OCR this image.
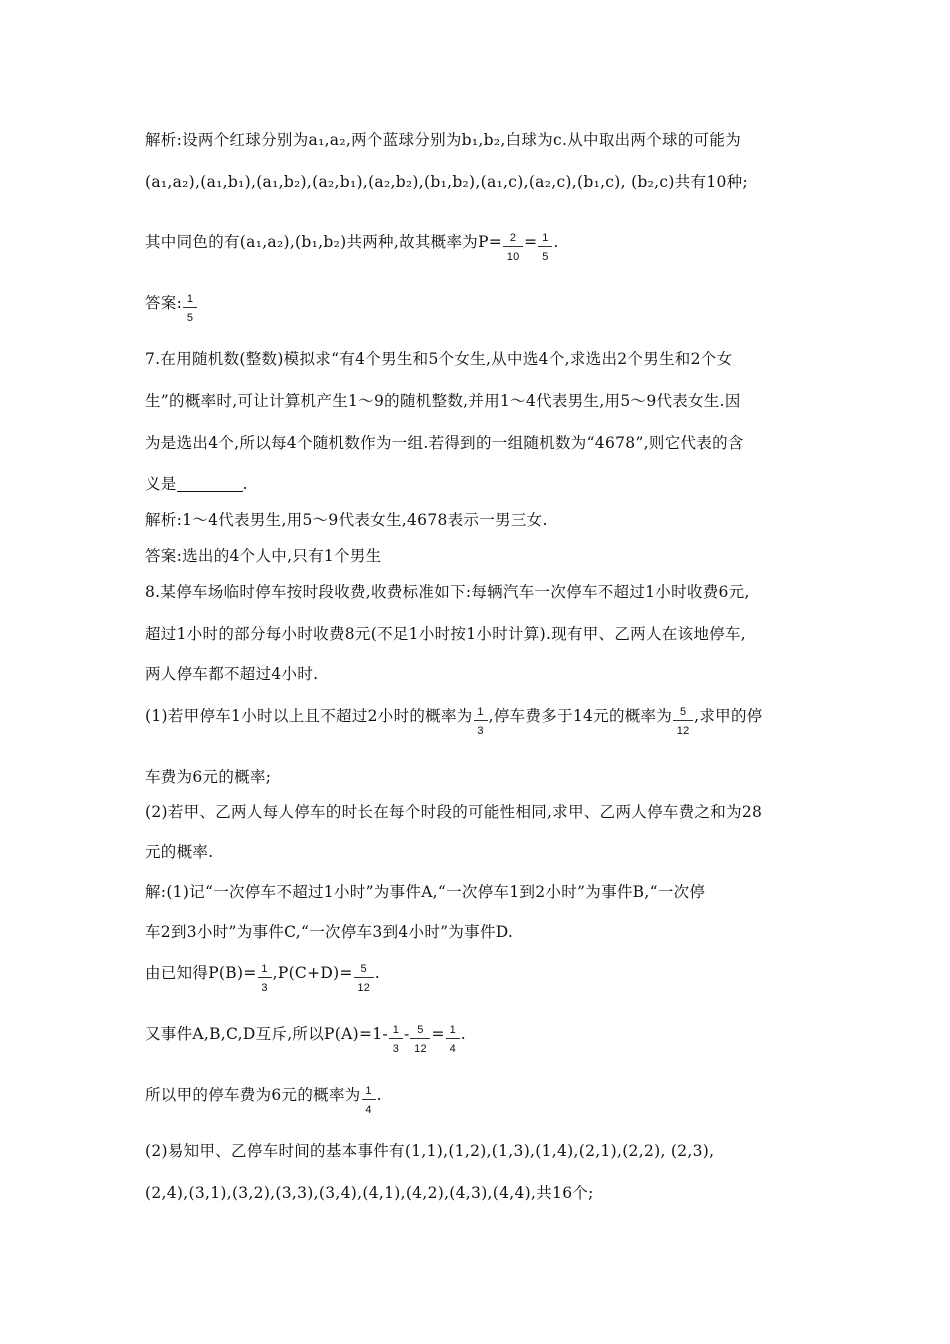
解析:设两个红球分别为a₁,a₂,两个蓝球分别为b₁,b₂,白球为c.从中取出两个球的可能为
(a₁,a₂),(a₁,b₁),(a₁,b₂),(a₂,b₁),(a₂,b₂),(b₁,b₂),(a₁,c),(a₂,c),(b₁,c), (b₂,c)共有10种;
其中同色的有(a₁,a₂),(b₁,b₂)共两种,故其概率为$P= \frac{2}{10} = \frac{1}{5}$ .
答案: $\frac{1}{5}$
7.在用随机数(整数)模拟求“有4个男生和5个女生,从中选4个,求选出2个男生和2个女
生”的概率时,可让计算机产生1～9的随机整数,并用1～4代表男生,用5～9代表女生.因
为是选出4个,所以每4个随机数作为一组.若得到的一组随机数为“4678”,则它代表的含
义是	.
解析:1～4代表男生,用5～9代表女生,4678表示一男三女.
答案:选出的4个人中,只有1个男生
8.某停车场临时停车按时段收费,收费标准如下:每辆汽车一次停车不超过1小时收费6元,
超过1小时的部分每小时收费8元(不足1小时按1小时计算).现有甲、乙两人在该地停车,
两人停车都不超过4小时.
(1)若甲停车1小时以上且不超过2小时的概率为 $\frac{1}{3}$ ,停车费多于14元的概率为 $\frac{5}{12}$ ,求甲的停
车费为6元的概率;
(2)若甲、乙两人每人停车的时长在每个时段的可能性相同,求甲、乙两人停车费之和为28
元的概率.
解:(1)记“一次停车不超过1小时”为事件A,“一次停车1到2小时”为事件B,“一次停
车2到3小时”为事件C,“一次停车3到4小时”为事件D.
由已知得$P(B)= \frac{1}{3} ,P(C+D)= \frac{5}{12}$ .
又事件A,B,C,D互斥,所以$P(A)=1- \frac{1}{3} - \frac{5}{12} = \frac{1}{4}$ .
所以甲的停车费为6元的概率为 $\frac{1}{4}$ .
(2)易知甲、乙停车时间的基本事件有(1,1),(1,2),(1,3),(1,4),(2,1),(2,2), (2,3),
(2,4),(3,1),(3,2),(3,3),(3,4),(4,1),(4,2),(4,3),(4,4),共16个;
